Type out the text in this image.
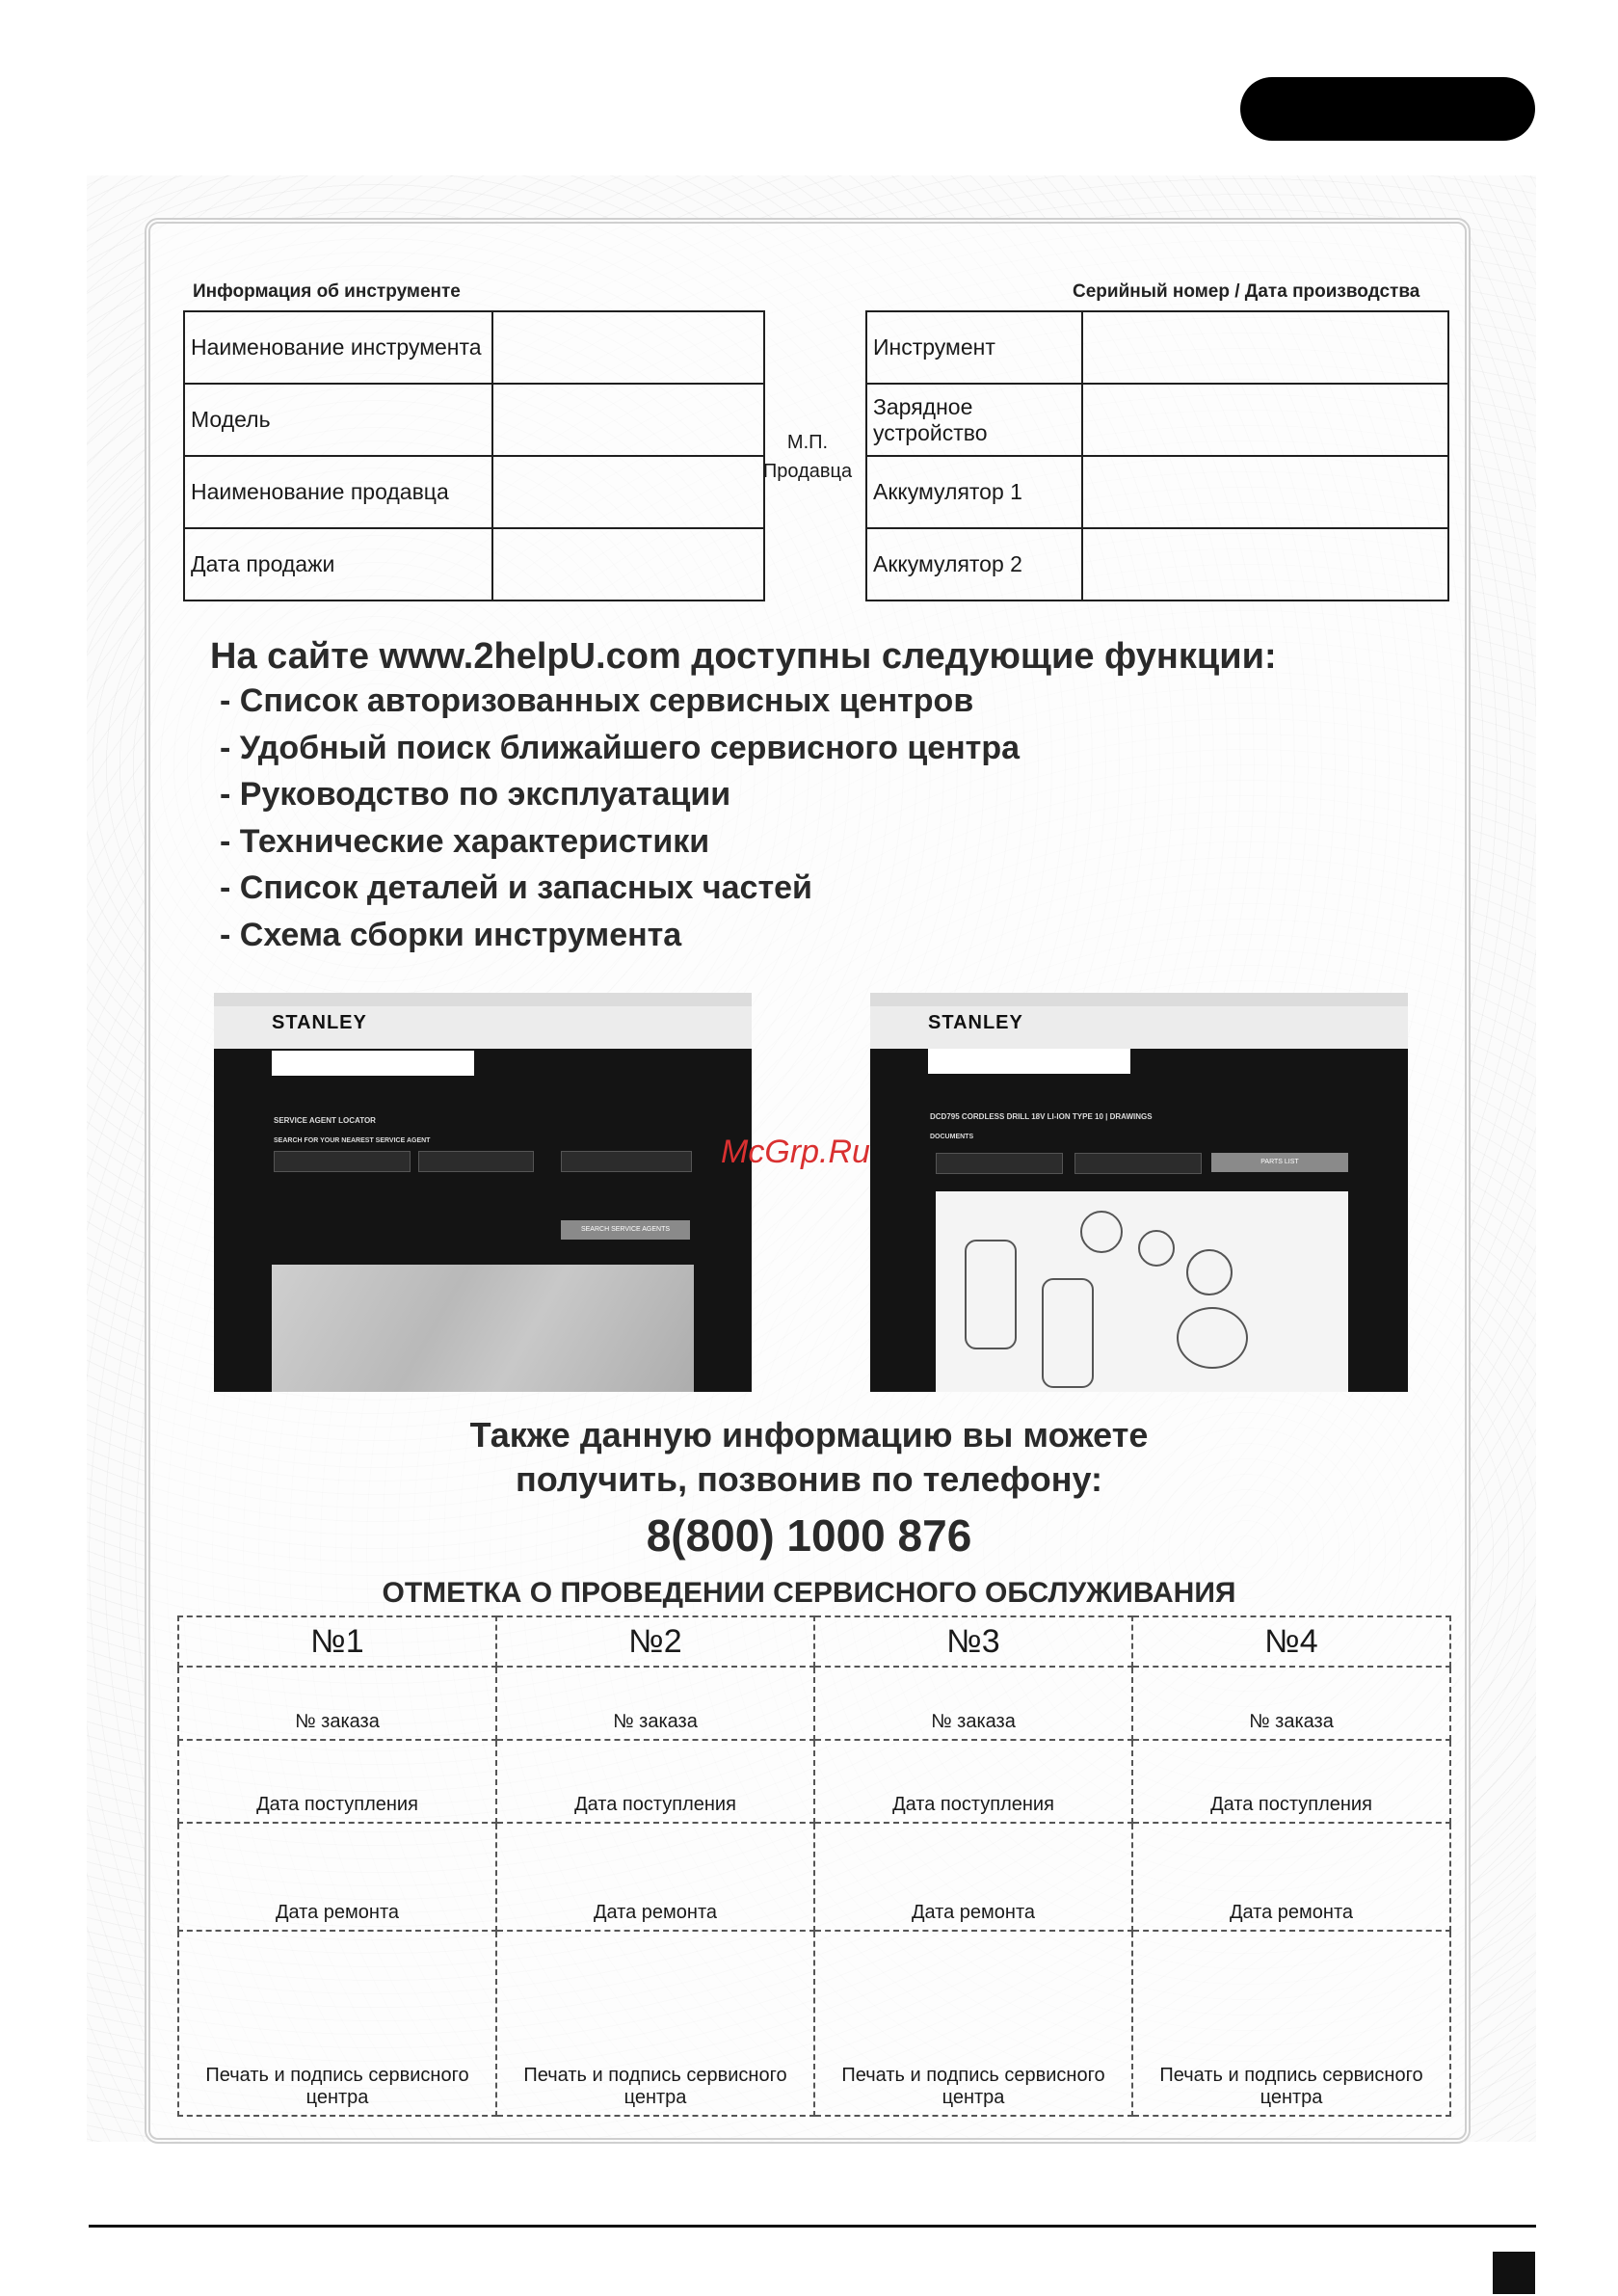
Информация об инструменте	Серийный номер / Дата производства
Наименование инструмента	
Модель	
Наименование продавца	
Дата продажи	
М.П.
Продавца
Инструмент	
Зарядное устройство	
Аккумулятор 1	
Аккумулятор 2	
На сайте www.2helpU.com доступны следующие функции:
- Список авторизованных сервисных центров
- Удобный поиск ближайшего сервисного центра
- Руководство по эксплуатации
- Технические характеристики
- Список деталей и запасных частей
- Схема сборки инструмента
STANLEY
SERVICE AGENT LOCATOR
SEARCH FOR YOUR NEAREST SERVICE AGENT
SEARCH SERVICE AGENTS
STANLEY
DCD795 CORDLESS DRILL 18V LI-ION TYPE 10 | DRAWINGS
DOCUMENTS
PARTS LIST
McGrp.Ru
Также данную информацию вы можете
получить, позвонив по телефону:
8(800) 1000 876
ОТМЕТКА О ПРОВЕДЕНИИ СЕРВИСНОГО ОБСЛУЖИВАНИЯ
№1	№2	№3	№4
№ заказа	№ заказа	№ заказа	№ заказа
Дата поступления	Дата поступления	Дата поступления	Дата поступления
Дата ремонта	Дата ремонта	Дата ремонта	Дата ремонта
Печать и подпись сервисного центра	Печать и подпись сервисного центра	Печать и подпись сервисного центра	Печать и подпись сервисного центра
